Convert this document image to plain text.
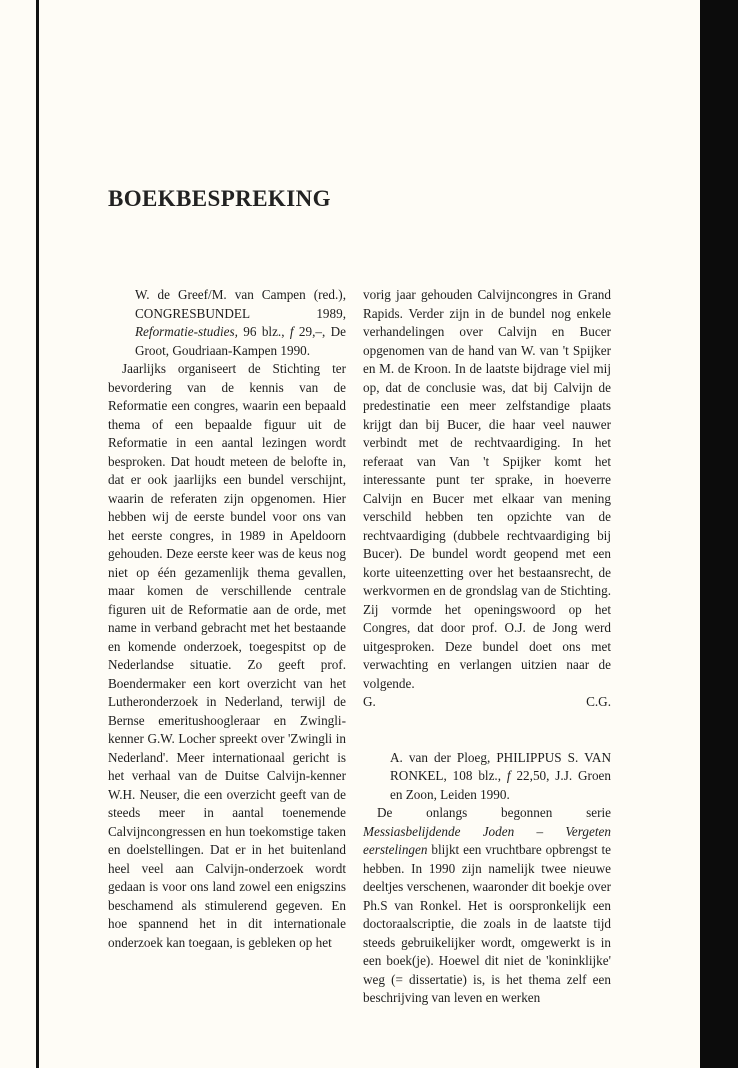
BOEKBESPREKING

W. de Greef/M. van Campen (red.), CONGRESBUNDEL 1989, Reformatie-studies, 96 blz., f 29,–, De Groot, Goudriaan-Kampen 1990.

Jaarlijks organiseert de Stichting ter bevordering van de kennis van de Reformatie een congres, waarin een bepaald thema of een bepaalde figuur uit de Reformatie in een aantal lezingen wordt besproken. Dat houdt meteen de belofte in, dat er ook jaarlijks een bundel verschijnt, waarin de referaten zijn opgenomen. Hier hebben wij de eerste bundel voor ons van het eerste congres, in 1989 in Apeldoorn gehouden. Deze eerste keer was de keus nog niet op één gezamenlijk thema gevallen, maar komen de verschillende centrale figuren uit de Reformatie aan de orde, met name in verband gebracht met het bestaande en komende onderzoek, toegespitst op de Nederlandse situatie. Zo geeft prof. Boendermaker een kort overzicht van het Lutheronderzoek in Nederland, terwijl de Bernse emeritushoogleraar en Zwingli-kenner G.W. Locher spreekt over 'Zwingli in Nederland'. Meer internationaal gericht is het verhaal van de Duitse Calvijn-kenner W.H. Neuser, die een overzicht geeft van de steeds meer in aantal toenemende Calvijncongressen en hun toekomstige taken en doelstellingen. Dat er in het buitenland heel veel aan Calvijn-onderzoek wordt gedaan is voor ons land zowel een enigszins beschamend als stimulerend gegeven. En hoe spannend het in dit internationale onderzoek kan toegaan, is gebleken op het

vorig jaar gehouden Calvijncongres in Grand Rapids. Verder zijn in de bundel nog enkele verhandelingen over Calvijn en Bucer opgenomen van de hand van W. van 't Spijker en M. de Kroon. In de laatste bijdrage viel mij op, dat de conclusie was, dat bij Calvijn de predestinatie een meer zelfstandige plaats krijgt dan bij Bucer, die haar veel nauwer verbindt met de rechtvaardiging. In het referaat van Van 't Spijker komt het interessante punt ter sprake, in hoeverre Calvijn en Bucer met elkaar van mening verschild hebben ten opzichte van de rechtvaardiging (dubbele rechtvaardiging bij Bucer). De bundel wordt geopend met een korte uiteenzetting over het bestaansrecht, de werkvormen en de grondslag van de Stichting. Zij vormde het openingswoord op het Congres, dat door prof. O.J. de Jong werd uitgesproken. Deze bundel doet ons met verwachting en verlangen uitzien naar de volgende.

G.	C.G.

A. van der Ploeg, PHILIPPUS S. VAN RONKEL, 108 blz., f 22,50, J.J. Groen en Zoon, Leiden 1990.

De onlangs begonnen serie Messiasbelijdende Joden – Vergeten eerstelingen blijkt een vruchtbare opbrengst te hebben. In 1990 zijn namelijk twee nieuwe deeltjes verschenen, waaronder dit boekje over Ph.S van Ronkel. Het is oorspronkelijk een doctoraalscriptie, die zoals in de laatste tijd steeds gebruikelijker wordt, omgewerkt is in een boek(je). Hoewel dit niet de 'koninklijke' weg (= dissertatie) is, is het thema zelf een beschrijving van leven en werken
